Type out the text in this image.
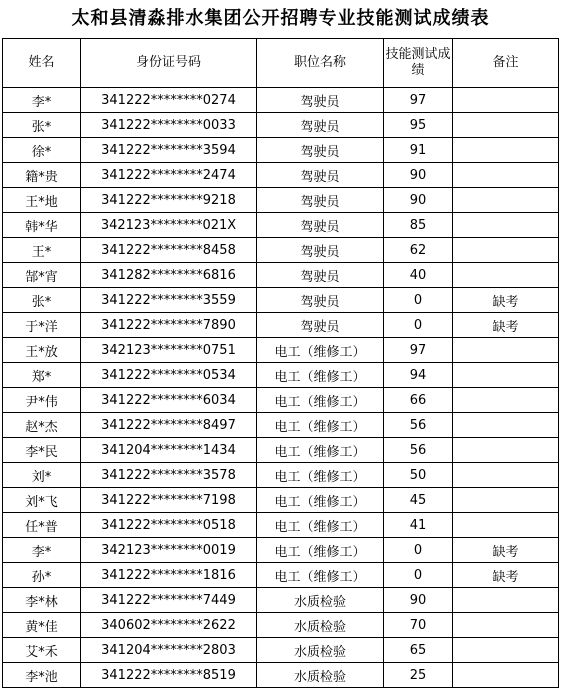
太和县清淼排水集团公开招聘专业技能测试成绩表
姓名	身份证号码	职位名称	技能测试成绩	备注
李*	341222********0274	驾驶员	97	
张*	341222********0033	驾驶员	95	
徐*	341222********3594	驾驶员	91	
籍*贵	341222********2474	驾驶员	90	
王*地	341222********9218	驾驶员	90	
韩*华	342123********021X	驾驶员	85	
王*	341222********8458	驾驶员	62	
郜*宵	341282********6816	驾驶员	40	
张*	341222********3559	驾驶员	0	缺考
于*洋	341222********7890	驾驶员	0	缺考
王*放	342123********0751	电工（维修工）	97	
郑*	341222********0534	电工（维修工）	94	
尹*伟	341222********6034	电工（维修工）	66	
赵*杰	341222********8497	电工（维修工）	56	
李*民	341204********1434	电工（维修工）	56	
刘*	341222********3578	电工（维修工）	50	
刘*飞	341222********7198	电工（维修工）	45	
任*普	341222********0518	电工（维修工）	41	
李*	342123********0019	电工（维修工）	0	缺考
孙*	341222********1816	电工（维修工）	0	缺考
李*林	341222********7449	水质检验	90	
黄*佳	340602********2622	水质检验	70	
艾*禾	341204********2803	水质检验	65	
李*池	341222********8519	水质检验	25	
